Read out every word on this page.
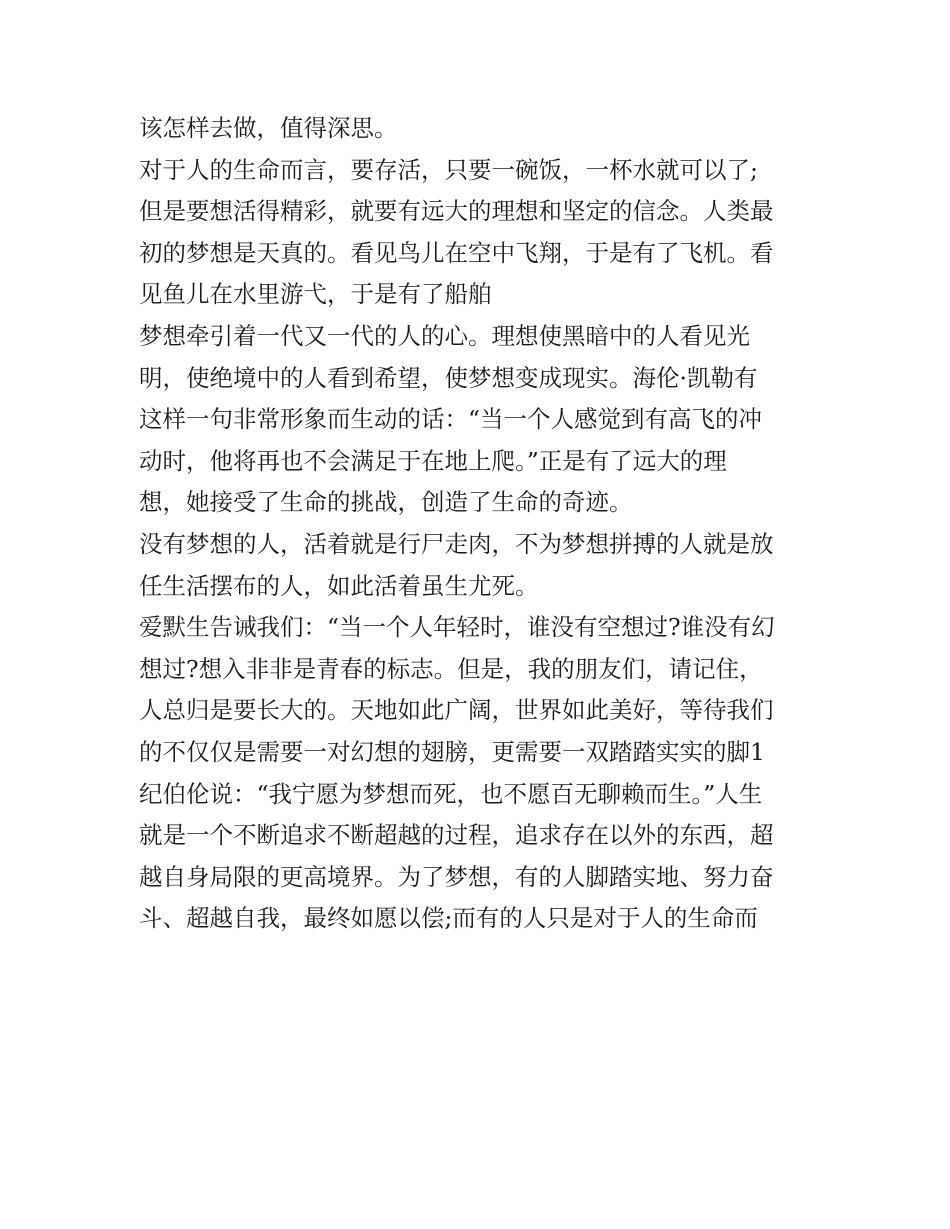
该怎样去做，值得深思。
对于人的生命而言，要存活，只要一碗饭，一杯水就可以了;
但是要想活得精彩，就要有远大的理想和坚定的信念。人类最
初的梦想是天真的。看见鸟儿在空中飞翔，于是有了飞机。看
见鱼儿在水里游弋，于是有了船舶
梦想牵引着一代又一代的人的心。理想使黑暗中的人看见光
明，使绝境中的人看到希望，使梦想变成现实。海伦·凯勒有
这样一句非常形象而生动的话：“当一个人感觉到有高飞的冲
动时，他将再也不会满足于在地上爬。”正是有了远大的理
想，她接受了生命的挑战，创造了生命的奇迹。
没有梦想的人，活着就是行尸走肉，不为梦想拼搏的人就是放
任生活摆布的人，如此活着虽生尤死。
爱默生告诫我们：“当一个人年轻时，谁没有空想过?谁没有幻
想过?想入非非是青春的标志。但是，我的朋友们，请记住，
人总归是要长大的。天地如此广阔，世界如此美好，等待我们
的不仅仅是需要一对幻想的翅膀，更需要一双踏踏实实的脚1
纪伯伦说：“我宁愿为梦想而死，也不愿百无聊赖而生。”人生
就是一个不断追求不断超越的过程，追求存在以外的东西，超
越自身局限的更高境界。为了梦想，有的人脚踏实地、努力奋
斗、超越自我，最终如愿以偿;而有的人只是对于人的生命而
